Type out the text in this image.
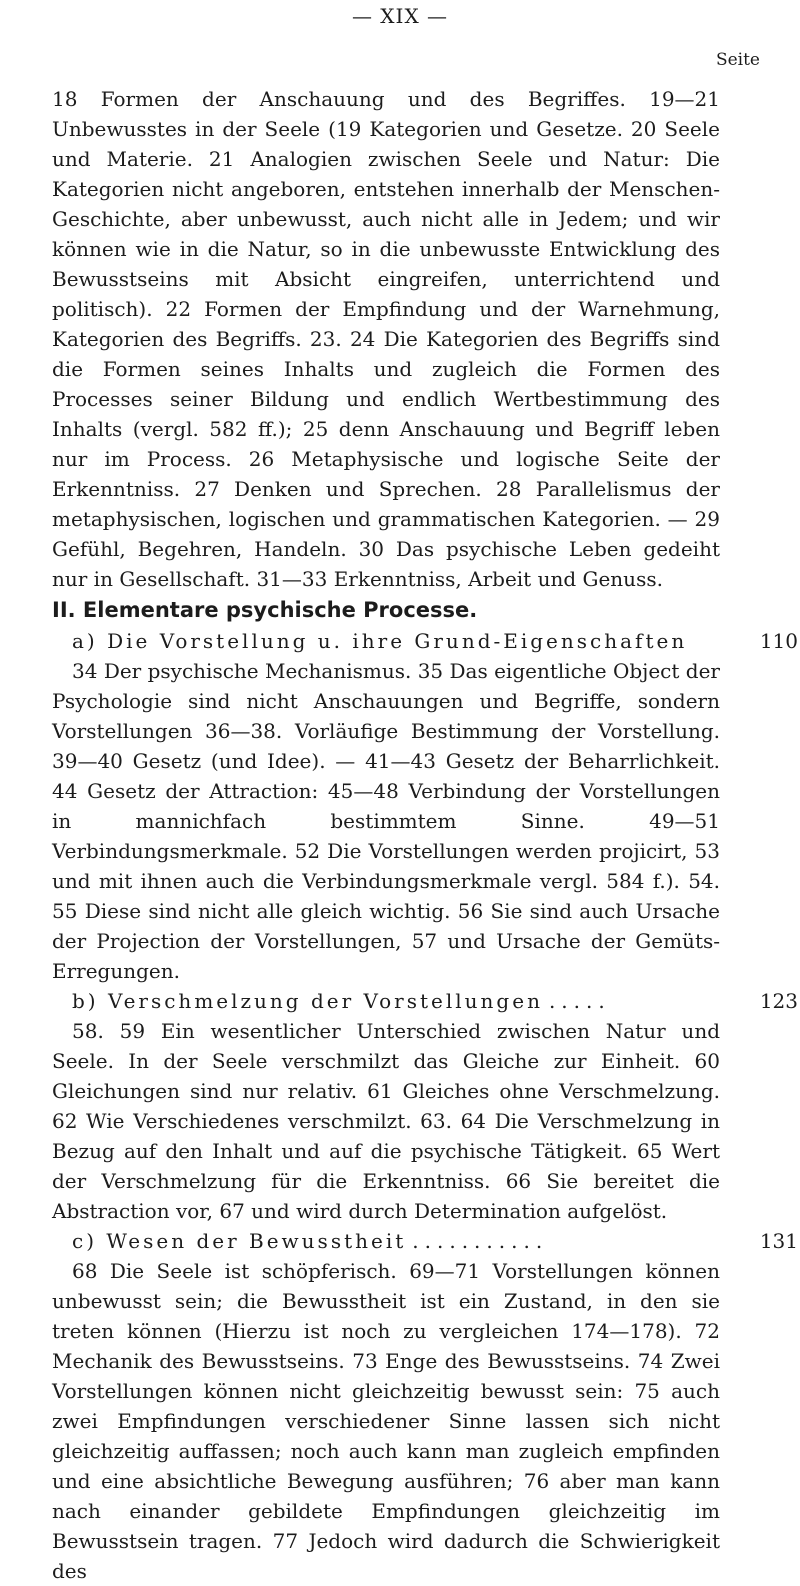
— XIX —
Seite

18 Formen der Anschauung und des Begriffes. 19—21 Unbewusstes in der Seele (19 Kategorien und Gesetze. 20 Seele und Materie. 21 Analogien zwischen Seele und Natur: Die Kategorien nicht angeboren, entstehen innerhalb der Menschen-Geschichte, aber unbewusst, auch nicht alle in Jedem; und wir können wie in die Natur, so in die unbewusste Entwicklung des Bewusstseins mit Absicht eingreifen, unterrichtend und politisch). 22 Formen der Empfindung und der Warnehmung, Kategorien des Begriffs. 23. 24 Die Kategorien des Begriffs sind die Formen seines Inhalts und zugleich die Formen des Processes seiner Bildung und endlich Wertbestimmung des Inhalts (vergl. 582 ff.); 25 denn Anschauung und Begriff leben nur im Process. 26 Metaphysische und logische Seite der Erkenntniss. 27 Denken und Sprechen. 28 Parallelismus der metaphysischen, logischen und grammatischen Kategorien. — 29 Gefühl, Begehren, Handeln. 30 Das psychische Leben gedeiht nur in Gesellschaft. 31—33 Erkenntniss, Arbeit und Genuss.

II. Elementare psychische Processe.

a) Die Vorstellung u. ihre Grund-Eigenschaften	110

34 Der psychische Mechanismus. 35 Das eigentliche Object der Psychologie sind nicht Anschauungen und Begriffe, sondern Vorstellungen 36—38. Vorläufige Bestimmung der Vorstellung. 39—40 Gesetz (und Idee). — 41—43 Gesetz der Beharrlichkeit. 44 Gesetz der Attraction: 45—48 Verbindung der Vorstellungen in mannichfach bestimmtem Sinne. 49—51 Verbindungsmerkmale. 52 Die Vorstellungen werden projicirt, 53 und mit ihnen auch die Verbindungsmerkmale vergl. 584 f.). 54. 55 Diese sind nicht alle gleich wichtig. 56 Sie sind auch Ursache der Projection der Vorstellungen, 57 und Ursache der Gemüts-Erregungen.

b) Verschmelzung der Vorstellungen .....	123

58. 59 Ein wesentlicher Unterschied zwischen Natur und Seele. In der Seele verschmilzt das Gleiche zur Einheit. 60 Gleichungen sind nur relativ. 61 Gleiches ohne Verschmelzung. 62 Wie Verschiedenes verschmilzt. 63. 64 Die Verschmelzung in Bezug auf den Inhalt und auf die psychische Tätigkeit. 65 Wert der Verschmelzung für die Erkenntniss. 66 Sie bereitet die Abstraction vor, 67 und wird durch Determination aufgelöst.

c) Wesen der Bewusstheit ...........	131

68 Die Seele ist schöpferisch. 69—71 Vorstellungen können unbewusst sein; die Bewusstheit ist ein Zustand, in den sie treten können (Hierzu ist noch zu vergleichen 174—178). 72 Mechanik des Bewusstseins. 73 Enge des Bewusstseins. 74 Zwei Vorstellungen können nicht gleichzeitig bewusst sein: 75 auch zwei Empfindungen verschiedener Sinne lassen sich nicht gleichzeitig auffassen; noch auch kann man zugleich empfinden und eine absichtliche Bewegung ausführen; 76 aber man kann nach einander gebildete Empfindungen gleichzeitig im Bewusstsein tragen. 77 Jedoch wird dadurch die Schwierigkeit des
